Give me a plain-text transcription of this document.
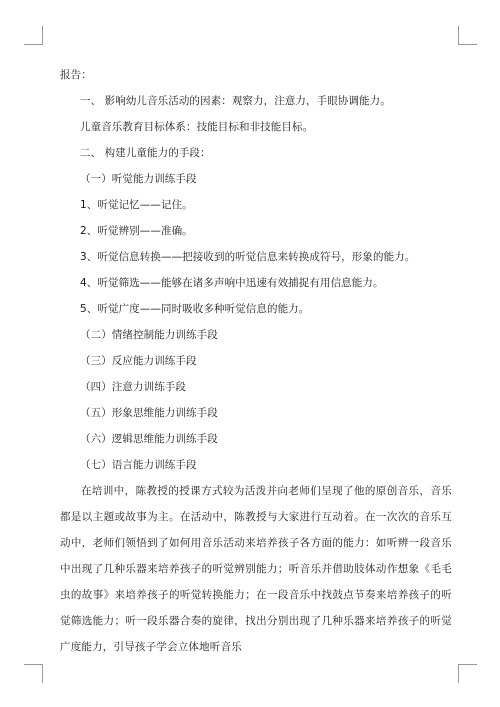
报告：
一、 影响幼儿音乐活动的因素：观察力，注意力，手眼协调能力。
儿童音乐教育目标体系：技能目标和非技能目标。
二、 构建儿童能力的手段：
（一）听觉能力训练手段
1、听觉记忆——记住。
2、听觉辨别——准确。
3、听觉信息转换——把接收到的听觉信息来转换成符号，形象的能力。
4、听觉筛选——能够在诸多声响中迅速有效捕捉有用信息能力。
5、听觉广度——同时吸收多种听觉信息的能力。
（二）情绪控制能力训练手段
（三）反应能力训练手段
（四）注意力训练手段
（五）形象思维能力训练手段
（六）逻辑思维能力训练手段
（七）语言能力训练手段

在培训中，陈教授的授课方式较为活泼并向老师们呈现了他的原创音乐，音乐都是以主题或故事为主。在活动中，陈教授与大家进行互动着。在一次次的音乐互动中，老师们领悟到了如何用音乐活动来培养孩子各方面的能力：如听辨一段音乐中出现了几种乐器来培养孩子的听觉辨别能力；听音乐并借助肢体动作想象《毛毛虫的故事》来培养孩子的听觉转换能力；在一段音乐中找鼓点节奏来培养孩子的听觉筛选能力；听一段乐器合奏的旋律，找出分别出现了几种乐器来培养孩子的听觉广度能力，引导孩子学会立体地听音乐
